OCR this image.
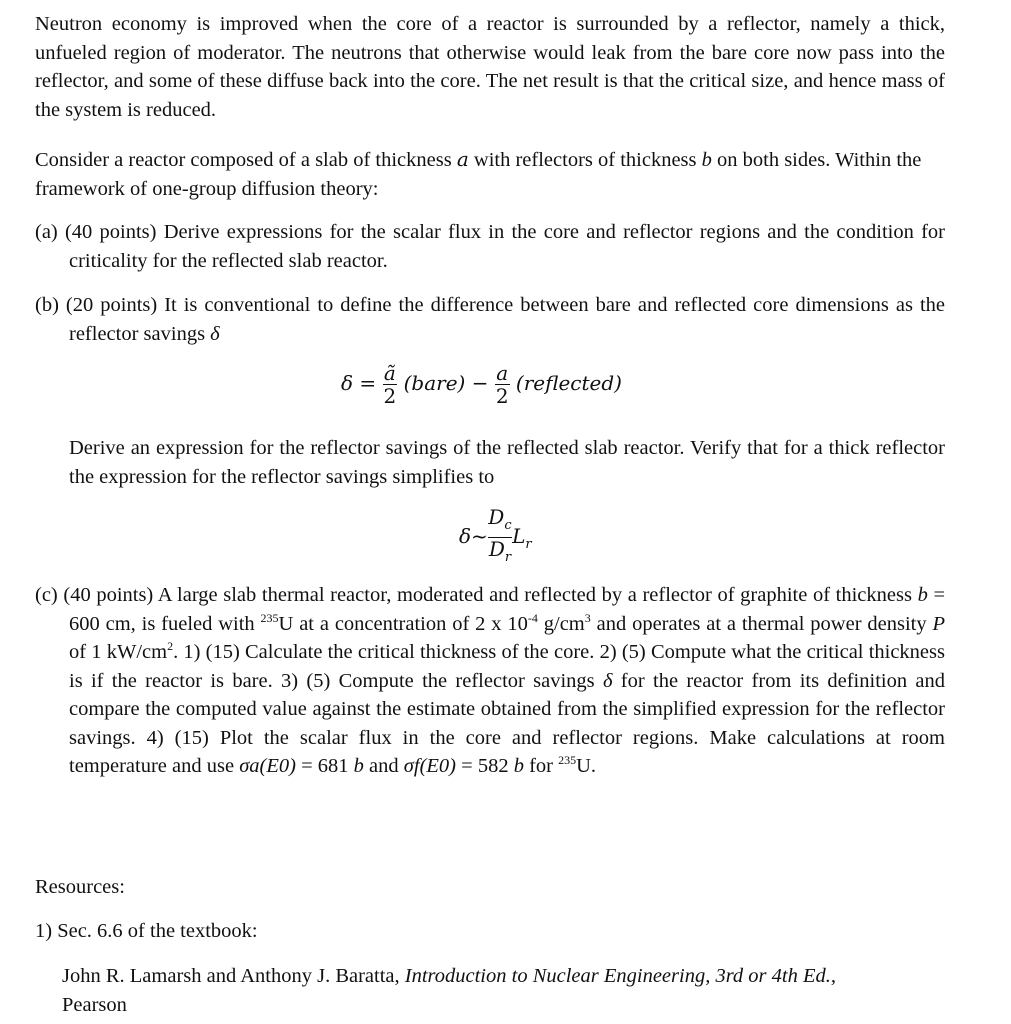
Neutron economy is improved when the core of a reactor is surrounded by a reflector, namely a thick, unfueled region of moderator. The neutrons that otherwise would leak from the bare core now pass into the reflector, and some of these diffuse back into the core. The net result is that the critical size, and hence mass of the system is reduced.

Consider a reactor composed of a slab of thickness a with reflectors of thickness b on both sides. Within the framework of one-group diffusion theory:

(a) (40 points) Derive expressions for the scalar flux in the core and reflector regions and the condition for criticality for the reflected slab reactor.

(b) (20 points) It is conventional to define the difference between bare and reflected core dimensions as the reflector savings δ

$\delta = \frac{ã}{2}$ (bare) − $\frac{a}{2}$ (reflected)

Derive an expression for the reflector savings of the reflected slab reactor. Verify that for a thick reflector the expression for the reflector savings simplifies to

δ~ $\frac{D_c}{D_r} L_r$

(c) (40 points) A large slab thermal reactor, moderated and reflected by a reflector of graphite of thickness b = 600 cm, is fueled with $^{235}$U at a concentration of 2 x $10^{-4}$ $g/cm^3$ and operates at a thermal power density P of 1 $kW/cm^2$. 1) (15) Calculate the critical thickness of the core. 2) (5) Compute what the critical thickness is if the reactor is bare. 3) (5) Compute the reflector savings δ for the reactor from its definition and compare the computed value against the estimate obtained from the simplified expression for the reflector savings. 4) (15) Plot the scalar flux in the core and reflector regions. Make calculations at room temperature and use σa(E0) = 681 b and σf(E0) = 582 b for $^{235}$U.

Resources:

1) Sec. 6.6 of the textbook:

John R. Lamarsh and Anthony J. Baratta, Introduction to Nuclear Engineering, 3rd or 4th Ed.,
Pearson
